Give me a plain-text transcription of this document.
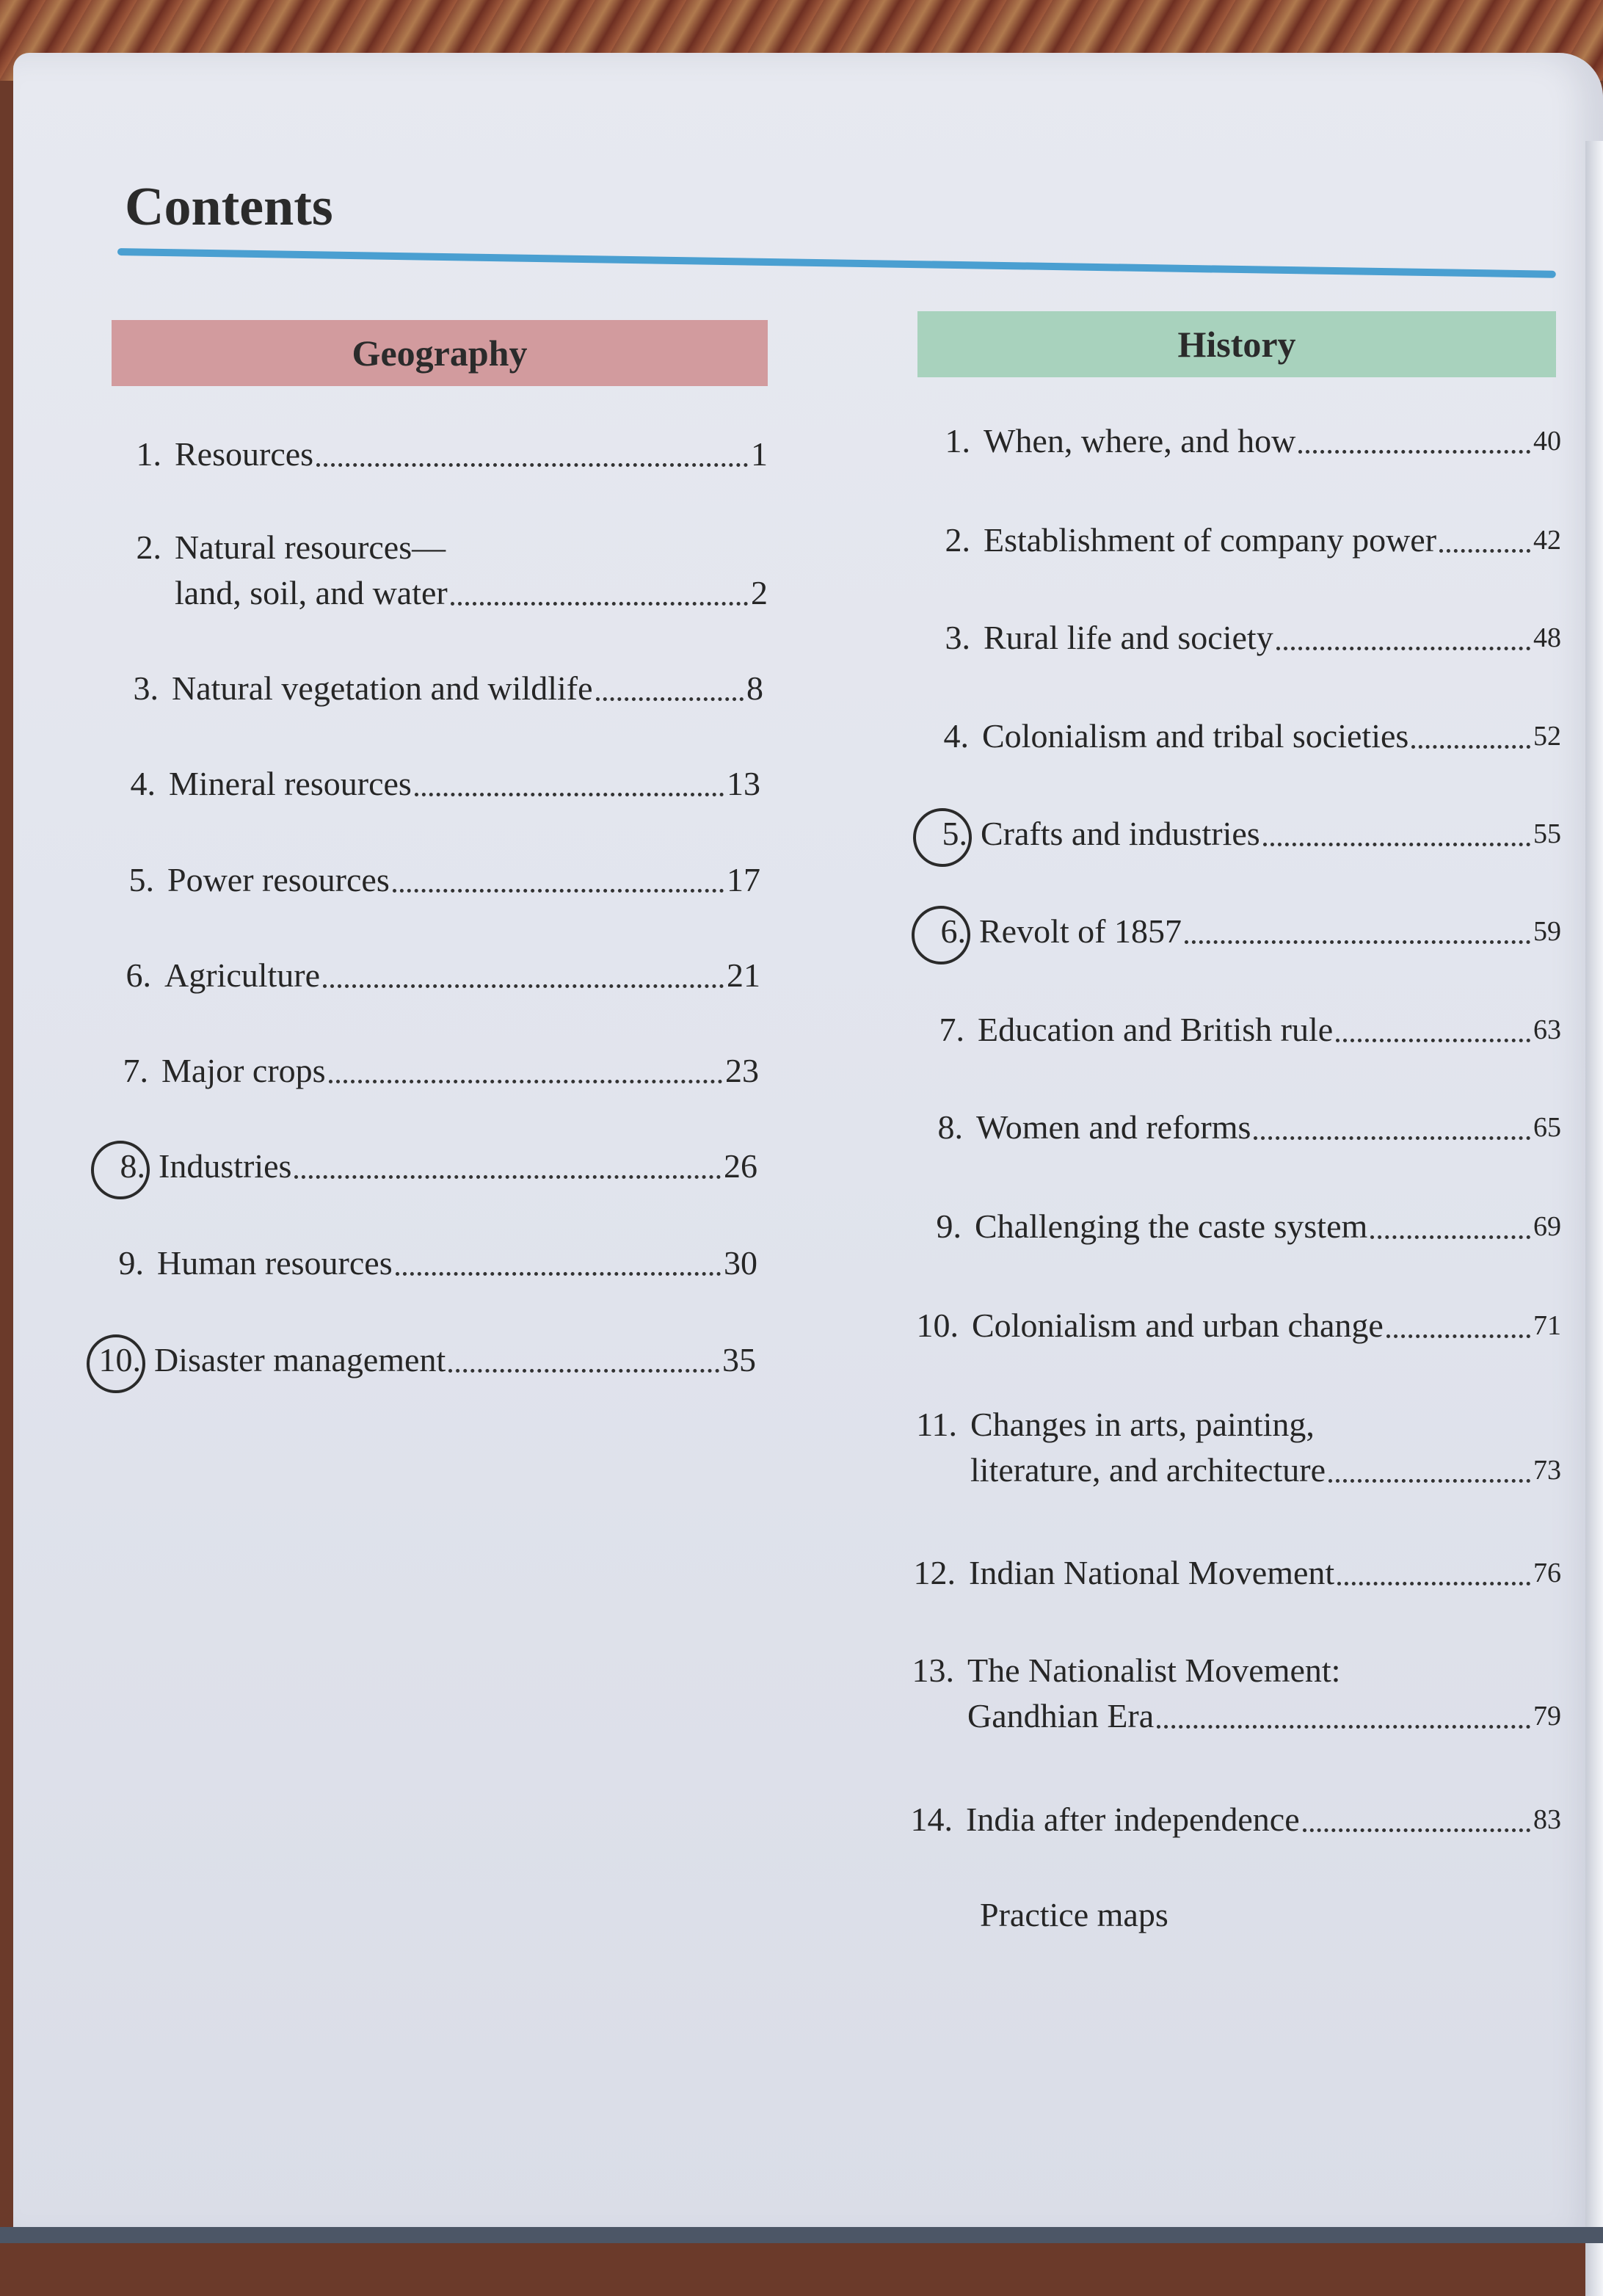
Contents
Geography	History
1. Resources	1
2. Natural resources—
land, soil, and water	2
3. Natural vegetation and wildlife	8
4. Mineral resources	13
5. Power resources	17
6. Agriculture	21
7. Major crops	23
8. Industries	26
9. Human resources	30
10. Disaster management	35
1. When, where, and how	40
2. Establishment of company power	42
3. Rural life and society	48
4. Colonialism and tribal societies	52
5. Crafts and industries	55
6. Revolt of 1857	59
7. Education and British rule	63
8. Women and reforms	65
9. Challenging the caste system	69
10. Colonialism and urban change	71
11. Changes in arts, painting,
literature, and architecture	73
12. Indian National Movement	76
13. The Nationalist Movement:
Gandhian Era	79
14. India after independence	83
Practice maps
